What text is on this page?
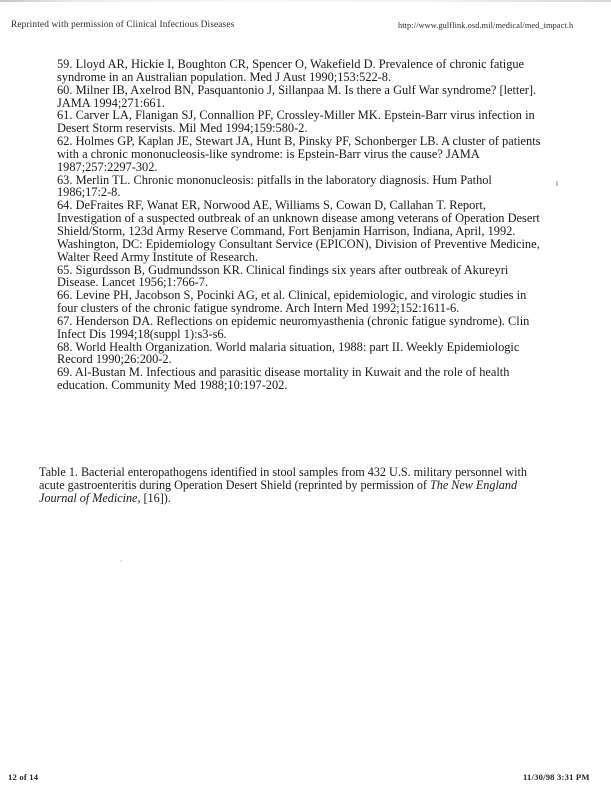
Reprinted with permission of Clinical Infectious Diseases	http://www.gulflink.osd.mil/medical/med_impact.h

59. Lloyd AR, Hickie I, Boughton CR, Spencer O, Wakefield D. Prevalence of chronic fatigue syndrome in an Australian population. Med J Aust 1990;153:522-8.

60. Milner IB, Axelrod BN, Pasquantonio J, Sillanpaa M. Is there a Gulf War syndrome? [letter]. JAMA 1994;271:661.

61. Carver LA, Flanigan SJ, Connallion PF, Crossley-Miller MK. Epstein-Barr virus infection in Desert Storm reservists. Mil Med 1994;159:580-2.

62. Holmes GP, Kaplan JE, Stewart JA, Hunt B, Pinsky PF, Schonberger LB. A cluster of patients with a chronic mononucleosis-like syndrome: is Epstein-Barr virus the cause? JAMA 1987;257:2297-302.

63. Merlin TL. Chronic mononucleosis: pitfalls in the laboratory diagnosis. Hum Pathol 1986;17:2-8.

64. DeFraites RF, Wanat ER, Norwood AE, Williams S, Cowan D, Callahan T. Report, Investigation of a suspected outbreak of an unknown disease among veterans of Operation Desert Shield/Storm, 123d Army Reserve Command, Fort Benjamin Harrison, Indiana, April, 1992. Washington, DC: Epidemiology Consultant Service (EPICON), Division of Preventive Medicine, Walter Reed Army Institute of Research.

65. Sigurdsson B, Gudmundsson KR. Clinical findings six years after outbreak of Akureyri Disease. Lancet 1956;1:766-7.

66. Levine PH, Jacobson S, Pocinki AG, et al. Clinical, epidemiologic, and virologic studies in four clusters of the chronic fatigue syndrome. Arch Intern Med 1992;152:1611-6.

67. Henderson DA. Reflections on epidemic neuromyasthenia (chronic fatigue syndrome). Clin Infect Dis 1994;18(suppl 1):s3-s6.

68. World Health Organization. World malaria situation, 1988: part II. Weekly Epidemiologic Record 1990;26:200-2.

69. Al-Bustan M. Infectious and parasitic disease mortality in Kuwait and the role of health education. Community Med 1988;10:197-202.

Table 1. Bacterial enteropathogens identified in stool samples from 432 U.S. military personnel with acute gastroenteritis during Operation Desert Shield (reprinted by permission of The New England Journal of Medicine, [16]).
12 of 14	11/30/98 3:31 PM
